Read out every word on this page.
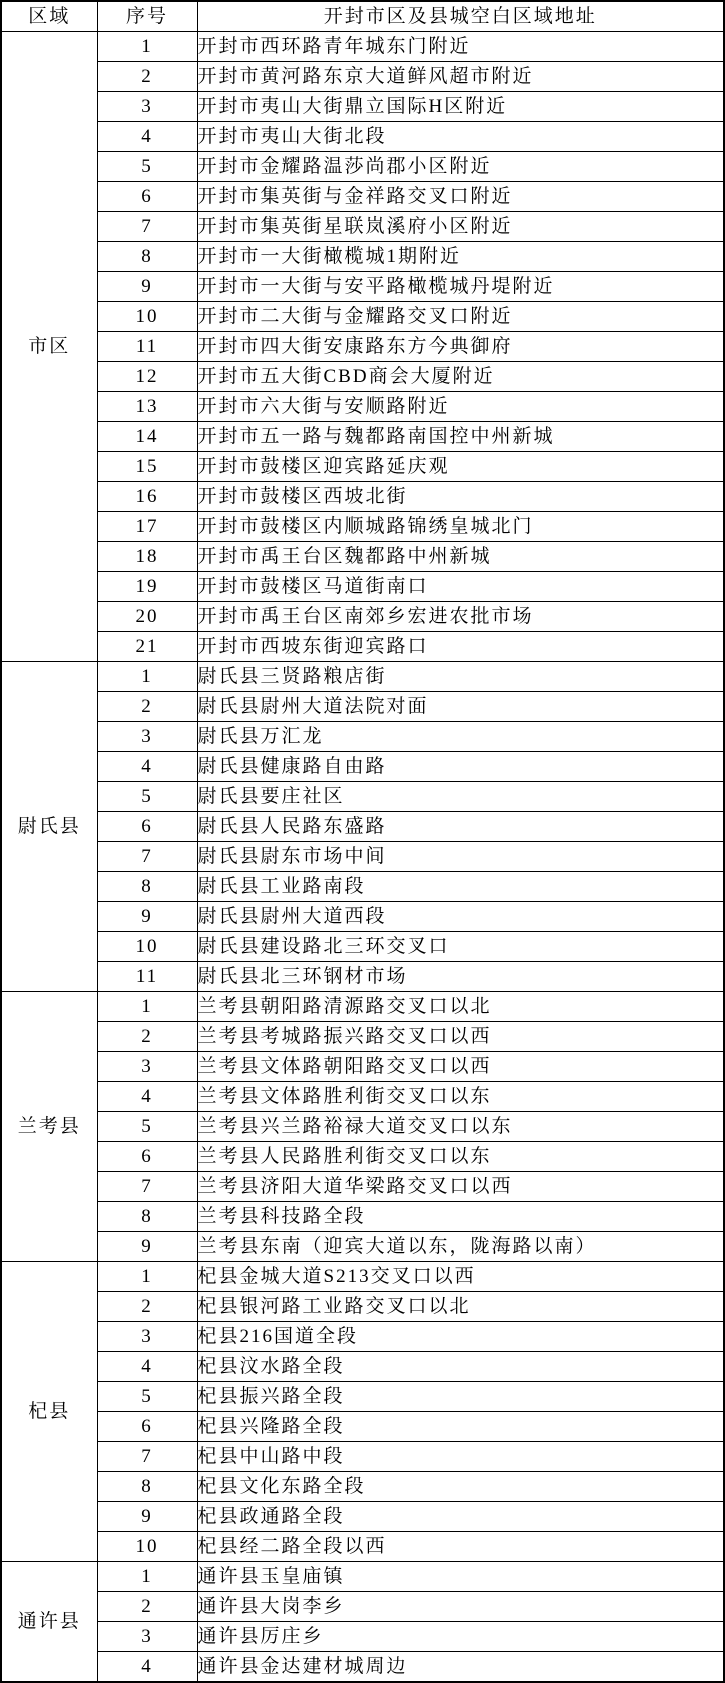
区域	序号	开封市区及县城空白区域地址
市区	1	开封市西环路青年城东门附近
	2	开封市黄河路东京大道鲜风超市附近
	3	开封市夷山大街鼎立国际H区附近
	4	开封市夷山大街北段
	5	开封市金耀路温莎尚郡小区附近
	6	开封市集英街与金祥路交叉口附近
	7	开封市集英街星联岚溪府小区附近
	8	开封市一大街橄榄城1期附近
	9	开封市一大街与安平路橄榄城丹堤附近
	10	开封市二大街与金耀路交叉口附近
	11	开封市四大街安康路东方今典御府
	12	开封市五大街CBD商会大厦附近
	13	开封市六大街与安顺路附近
	14	开封市五一路与魏都路南国控中州新城
	15	开封市鼓楼区迎宾路延庆观
	16	开封市鼓楼区西坡北街
	17	开封市鼓楼区内顺城路锦绣皇城北门
	18	开封市禹王台区魏都路中州新城
	19	开封市鼓楼区马道街南口
	20	开封市禹王台区南郊乡宏进农批市场
	21	开封市西坡东街迎宾路口
尉氏县	1	尉氏县三贤路粮店街
	2	尉氏县尉州大道法院对面
	3	尉氏县万汇龙
	4	尉氏县健康路自由路
	5	尉氏县要庄社区
	6	尉氏县人民路东盛路
	7	尉氏县尉东市场中间
	8	尉氏县工业路南段
	9	尉氏县尉州大道西段
	10	尉氏县建设路北三环交叉口
	11	尉氏县北三环钢材市场
兰考县	1	兰考县朝阳路清源路交叉口以北
	2	兰考县考城路振兴路交叉口以西
	3	兰考县文体路朝阳路交叉口以西
	4	兰考县文体路胜利街交叉口以东
	5	兰考县兴兰路裕禄大道交叉口以东
	6	兰考县人民路胜利街交叉口以东
	7	兰考县济阳大道华梁路交叉口以西
	8	兰考县科技路全段
	9	兰考县东南（迎宾大道以东，陇海路以南）
杞县	1	杞县金城大道S213交叉口以西
	2	杞县银河路工业路交叉口以北
	3	杞县216国道全段
	4	杞县汶水路全段
	5	杞县振兴路全段
	6	杞县兴隆路全段
	7	杞县中山路中段
	8	杞县文化东路全段
	9	杞县政通路全段
	10	杞县经二路全段以西
通许县	1	通许县玉皇庙镇
	2	通许县大岗李乡
	3	通许县厉庄乡
	4	通许县金达建材城周边
